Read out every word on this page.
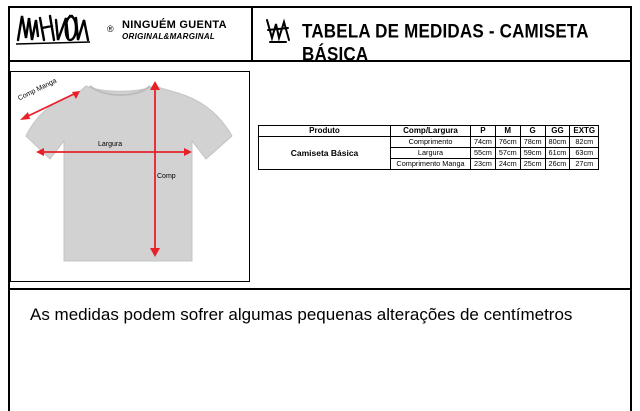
® NINGUÉM GUENTA
ORIGINAL&MARGINAL	TABELA DE MEDIDAS - CAMISETA BÁSICA
Comp Manga
Largura
Comp
Produto	Comp/Largura	P	M	G	GG	EXTG
Camiseta Básica	Comprimento	74cm	76cm	78cm	80cm	82cm
	Largura	55cm	57cm	59cm	61cm	63cm
	Comprimento Manga	23cm	24cm	25cm	26cm	27cm

As medidas podem sofrer algumas pequenas alterações de centímetros
